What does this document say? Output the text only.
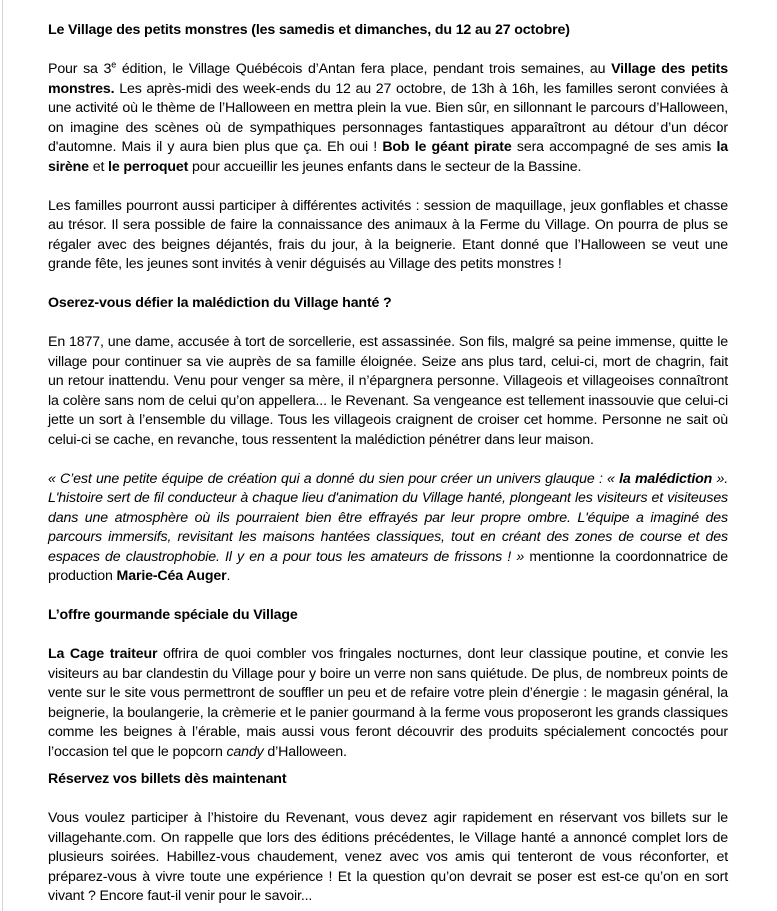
Le Village des petits monstres (les samedis et dimanches, du 12 au 27 octobre)

Pour sa 3e édition, le Village Québécois d’Antan fera place, pendant trois semaines, au Village des petits monstres. Les après-midi des week-ends du 12 au 27 octobre, de 13h à 16h, les familles seront conviées à une activité où le thème de l’Halloween en mettra plein la vue. Bien sûr, en sillonnant le parcours d’Halloween, on imagine des scènes où de sympathiques personnages fantastiques apparaîtront au détour d’un décor d'automne. Mais il y aura bien plus que ça. Eh oui ! Bob le géant pirate sera accompagné de ses amis la sirène et le perroquet pour accueillir les jeunes enfants dans le secteur de la Bassine.

Les familles pourront aussi participer à différentes activités : session de maquillage, jeux gonflables et chasse au trésor. Il sera possible de faire la connaissance des animaux à la Ferme du Village. On pourra de plus se régaler avec des beignes déjantés, frais du jour, à la beignerie. Etant donné que l’Halloween se veut une grande fête, les jeunes sont invités à venir déguisés au Village des petits monstres !

Oserez-vous défier la malédiction du Village hanté ?

En 1877, une dame, accusée à tort de sorcellerie, est assassinée. Son fils, malgré sa peine immense, quitte le village pour continuer sa vie auprès de sa famille éloignée. Seize ans plus tard, celui-ci, mort de chagrin, fait un retour inattendu. Venu pour venger sa mère, il n’épargnera personne. Villageois et villageoises connaîtront la colère sans nom de celui qu’on appellera... le Revenant. Sa vengeance est tellement inassouvie que celui-ci jette un sort à l’ensemble du village. Tous les villageois craignent de croiser cet homme. Personne ne sait où celui-ci se cache, en revanche, tous ressentent la malédiction pénétrer dans leur maison.

« C’est une petite équipe de création qui a donné du sien pour créer un univers glauque : « la malédiction ». L'histoire sert de fil conducteur à chaque lieu d'animation du Village hanté, plongeant les visiteurs et visiteuses dans une atmosphère où ils pourraient bien être effrayés par leur propre ombre. L'équipe a imaginé des parcours immersifs, revisitant les maisons hantées classiques, tout en créant des zones de course et des espaces de claustrophobie. Il y en a pour tous les amateurs de frissons ! » mentionne la coordonnatrice de production Marie-Céa Auger.

L’offre gourmande spéciale du Village

La Cage traiteur offrira de quoi combler vos fringales nocturnes, dont leur classique poutine, et convie les visiteurs au bar clandestin du Village pour y boire un verre non sans quiétude. De plus, de nombreux points de vente sur le site vous permettront de souffler un peu et de refaire votre plein d’énergie : le magasin général, la beignerie, la boulangerie, la crèmerie et le panier gourmand à la ferme vous proposeront les grands classiques comme les beignes à l’érable, mais aussi vous feront découvrir des produits spécialement concoctés pour l’occasion tel que le popcorn candy d’Halloween.

Réservez vos billets dès maintenant

Vous voulez participer à l’histoire du Revenant, vous devez agir rapidement en réservant vos billets sur le villagehante.com. On rappelle que lors des éditions précédentes, le Village hanté a annoncé complet lors de plusieurs soirées. Habillez-vous chaudement, venez avec vos amis qui tenteront de vous réconforter, et préparez-vous à vivre toute une expérience ! Et la question qu’on devrait se poser est est-ce qu’on en sort vivant ? Encore faut-il venir pour le savoir...
